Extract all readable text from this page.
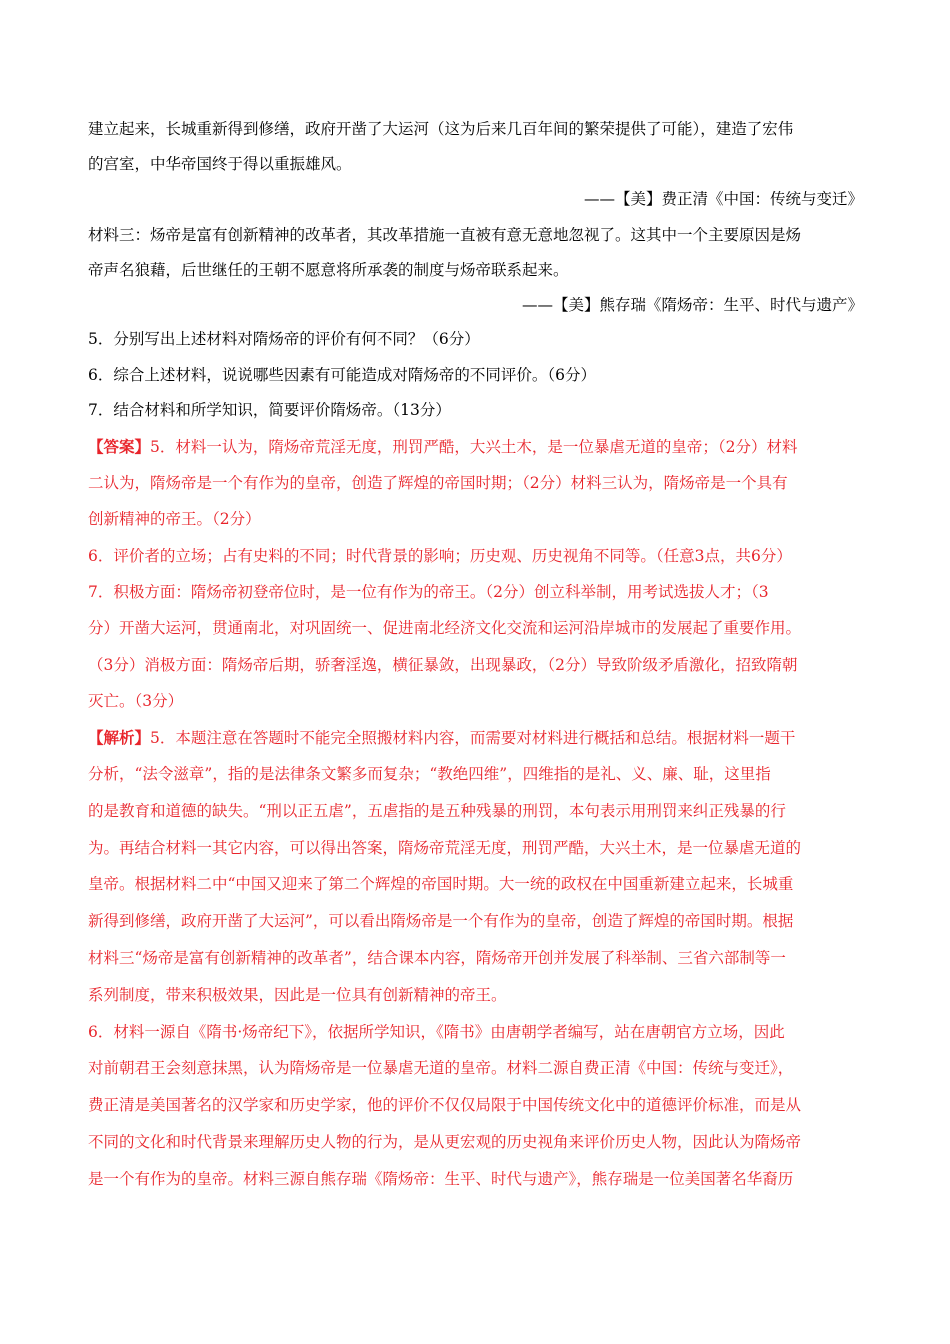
建立起来，长城重新得到修缮，政府开凿了大运河（这为后来几百年间的繁荣提供了可能），建造了宏伟
的宫室，中华帝国终于得以重振雄风。
——【美】费正清《中国：传统与变迁》
材料三：炀帝是富有创新精神的改革者，其改革措施一直被有意无意地忽视了。这其中一个主要原因是炀
帝声名狼藉，后世继任的王朝不愿意将所承袭的制度与炀帝联系起来。
——【美】熊存瑞《隋炀帝：生平、时代与遗产》
5．分别写出上述材料对隋炀帝的评价有何不同？（6分）
6．综合上述材料，说说哪些因素有可能造成对隋炀帝的不同评价。（6分）
7．结合材料和所学知识，简要评价隋炀帝。（13分）
【答案】5．材料一认为，隋炀帝荒淫无度，刑罚严酷，大兴土木，是一位暴虐无道的皇帝；（2分）材料
二认为，隋炀帝是一个有作为的皇帝，创造了辉煌的帝国时期；（2分）材料三认为，隋炀帝是一个具有
创新精神的帝王。（2分）
6．评价者的立场；占有史料的不同；时代背景的影响；历史观、历史视角不同等。（任意3点，共6分）
7．积极方面：隋炀帝初登帝位时，是一位有作为的帝王。（2分）创立科举制，用考试选拔人才；（3
分）开凿大运河，贯通南北，对巩固统一、促进南北经济文化交流和运河沿岸城市的发展起了重要作用。
（3分）消极方面：隋炀帝后期，骄奢淫逸，横征暴敛，出现暴政，（2分）导致阶级矛盾激化，招致隋朝
灭亡。（3分）
【解析】5．本题注意在答题时不能完全照搬材料内容，而需要对材料进行概括和总结。根据材料一题干
分析，“法令滋章”，指的是法律条文繁多而复杂；“教绝四维”，四维指的是礼、义、廉、耻，这里指
的是教育和道德的缺失。“刑以正五虐”，五虐指的是五种残暴的刑罚，本句表示用刑罚来纠正残暴的行
为。再结合材料一其它内容，可以得出答案，隋炀帝荒淫无度，刑罚严酷，大兴土木，是一位暴虐无道的
皇帝。根据材料二中“中国又迎来了第二个辉煌的帝国时期。大一统的政权在中国重新建立起来，长城重
新得到修缮，政府开凿了大运河”，可以看出隋炀帝是一个有作为的皇帝，创造了辉煌的帝国时期。根据
材料三“炀帝是富有创新精神的改革者”，结合课本内容，隋炀帝开创并发展了科举制、三省六部制等一
系列制度，带来积极效果，因此是一位具有创新精神的帝王。
6．材料一源自《隋书·炀帝纪下》，依据所学知识，《隋书》由唐朝学者编写，站在唐朝官方立场，因此
对前朝君王会刻意抹黑，认为隋炀帝是一位暴虐无道的皇帝。材料二源自费正清《中国：传统与变迁》，
费正清是美国著名的汉学家和历史学家，他的评价不仅仅局限于中国传统文化中的道德评价标准，而是从
不同的文化和时代背景来理解历史人物的行为，是从更宏观的历史视角来评价历史人物，因此认为隋炀帝
是一个有作为的皇帝。材料三源自熊存瑞《隋炀帝：生平、时代与遗产》，熊存瑞是一位美国著名华裔历
